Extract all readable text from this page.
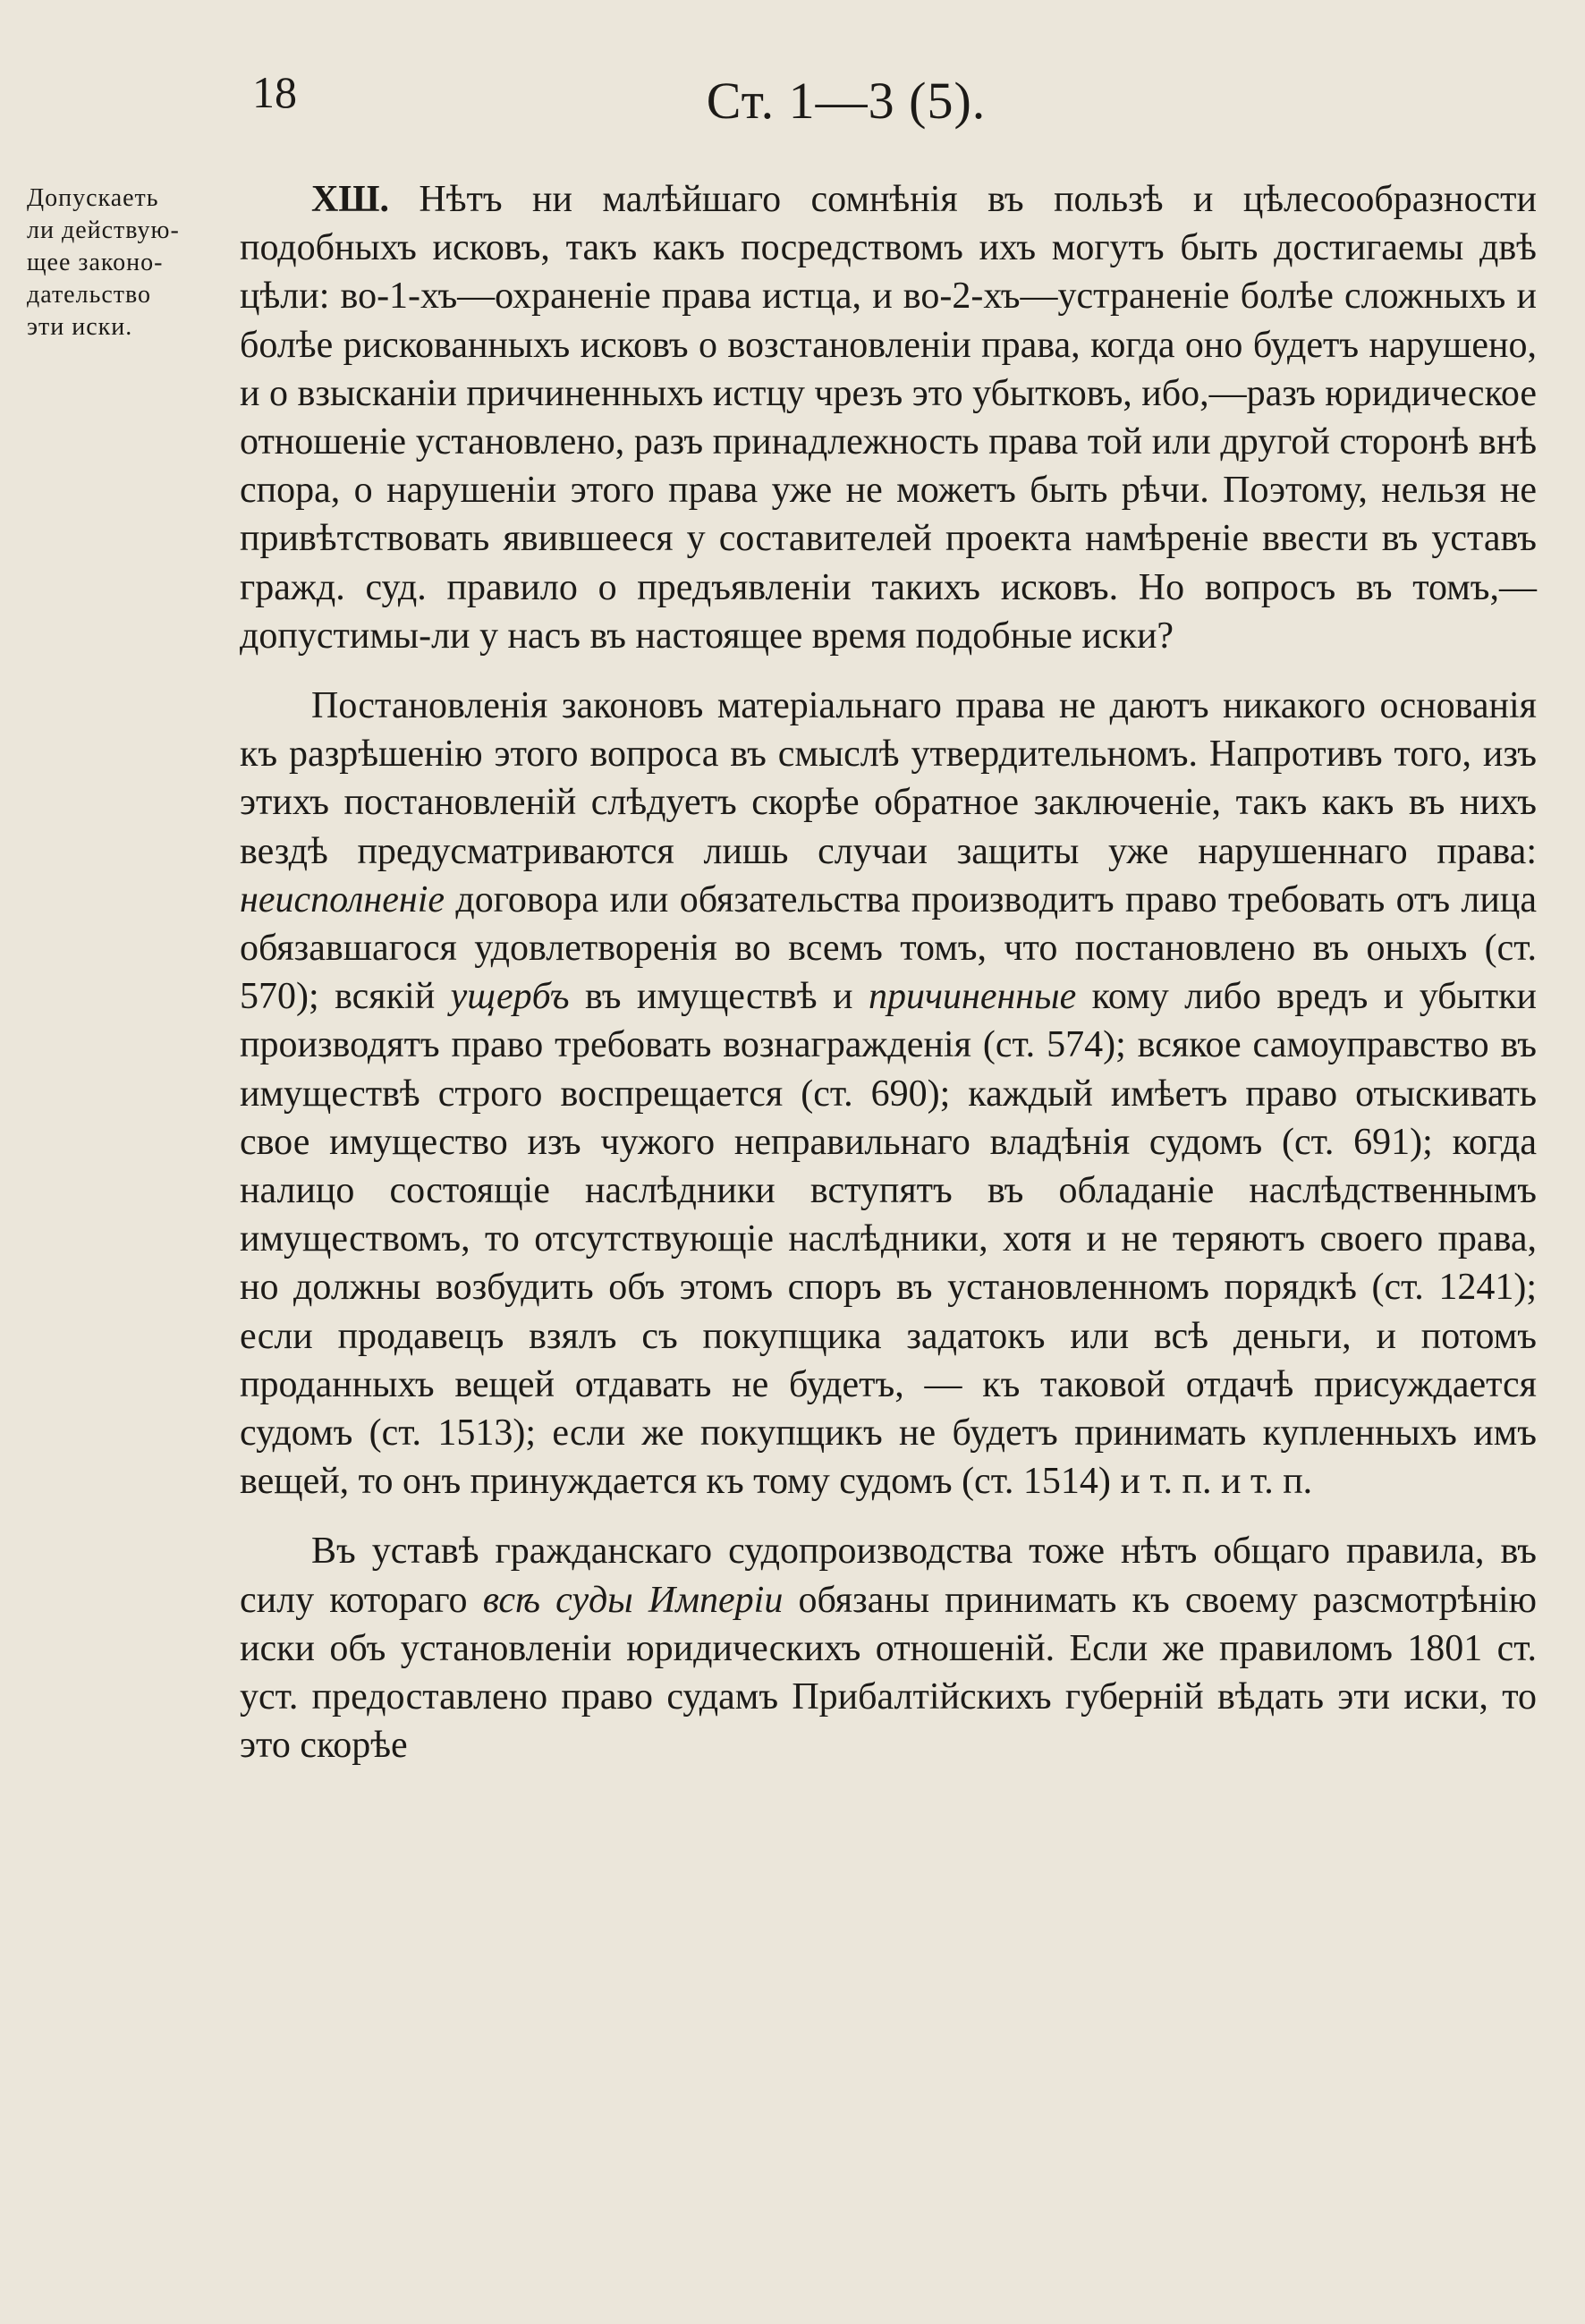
18	Ст. 1—3 (5).
Допускаеть
ли действую-
щее законо-
дательство
эти иски.

ХШ. Нѣтъ ни малѣйшаго сомнѣнія въ пользѣ и цѣлесообразности подобныхъ исковъ, такъ какъ посредствомъ ихъ могутъ быть достигаемы двѣ цѣли: во-1-хъ—охраненіе права истца, и во-2-хъ—устраненіе болѣе сложныхъ и болѣе рискованныхъ исковъ о возстановленіи права, когда оно будетъ нарушено, и о взысканіи причиненныхъ истцу чрезъ это убытковъ, ибо,—разъ юридическое отношеніе установлено, разъ принадлежность права той или другой сторонѣ внѣ спора, о нарушеніи этого права уже не можетъ быть рѣчи. Поэтому, нельзя не привѣтствовать явившееся у составителей проекта намѣреніе ввести въ уставъ гражд. суд. правило о предъявленіи такихъ исковъ. Но вопросъ въ томъ,—допустимы-ли у насъ въ настоящее время подобные иски?

Постановленія законовъ матеріальнаго права не даютъ никакого основанія къ разрѣшенію этого вопроса въ смыслѣ утвердительномъ. Напротивъ того, изъ этихъ постановленій слѣдуетъ скорѣе обратное заключеніе, такъ какъ въ нихъ вездѣ предусматриваются лишь случаи защиты уже нарушеннаго права: неисполненіе договора или обязательства производитъ право требовать отъ лица обязавшагося удовлетворенія во всемъ томъ, что постановлено въ оныхъ (ст. 570); всякій ущербъ въ имуществѣ и причиненные кому либо вредъ и убытки производятъ право требовать вознагражденія (ст. 574); всякое самоуправство въ имуществѣ строго воспрещается (ст. 690); каждый имѣетъ право отыскивать свое имущество изъ чужого неправильнаго владѣнія судомъ (ст. 691); когда налицо состоящіе наслѣдники вступятъ въ обладаніе наслѣдственнымъ имуществомъ, то отсутствующіе наслѣдники, хотя и не теряютъ своего права, но должны возбудить объ этомъ споръ въ установленномъ порядкѣ (ст. 1241); если продавецъ взялъ съ покупщика задатокъ или всѣ деньги, и потомъ проданныхъ вещей отдавать не будетъ, — къ таковой отдачѣ присуждается судомъ (ст. 1513); если же покупщикъ не будетъ принимать купленныхъ имъ вещей, то онъ принуждается къ тому судомъ (ст. 1514) и т. п. и т. п.

Въ уставѣ гражданскаго судопроизводства тоже нѣтъ общаго правила, въ силу котораго всѣ суды Имперіи обязаны принимать къ своему разсмотрѣнію иски объ установленіи юридическихъ отношеній. Если же правиломъ 1801 ст. уст. предоставлено право судамъ Прибалтійскихъ губерній вѣдать эти иски, то это скорѣе
